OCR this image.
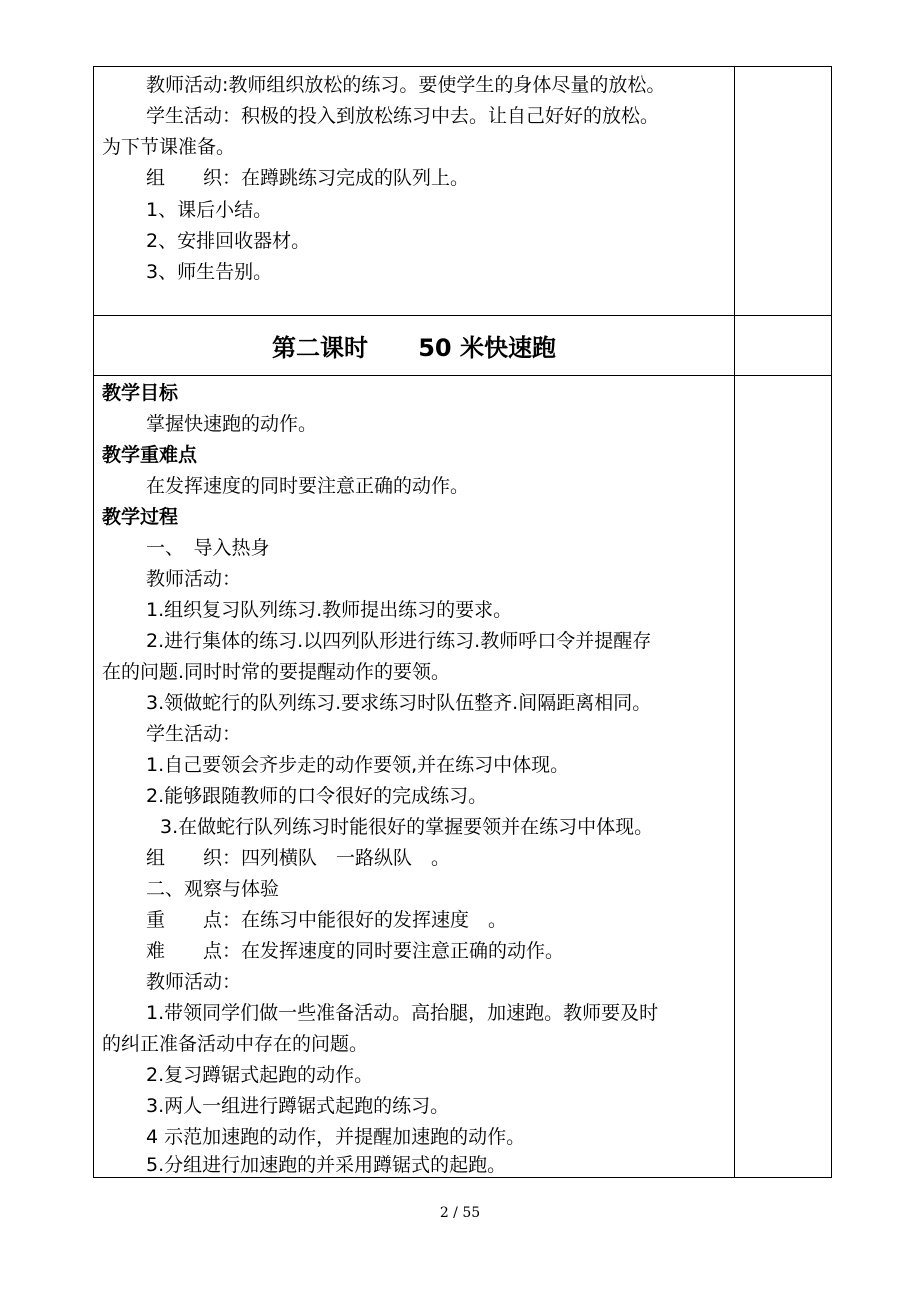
教师活动:教师组织放松的练习。要使学生的身体尽量的放松。
学生活动：积极的投入到放松练习中去。让自己好好的放松。
为下节课准备。
组　　织：在蹲跳练习完成的队列上。
1、课后小结。
2、安排回收器材。
3、师生告别。
第二课时
50 米快速跑
教学目标
掌握快速跑的动作。
教学重难点
在发挥速度的同时要注意正确的动作。
教学过程
一、　导入热身
教师活动：
1.组织复习队列练习.教师提出练习的要求。
2.进行集体的练习.以四列队形进行练习.教师呼口令并提醒存
在的问题.同时时常的要提醒动作的要领。
3.领做蛇行的队列练习.要求练习时队伍整齐.间隔距离相同。
学生活动：
1.自己要领会齐步走的动作要领,并在练习中体现。
2.能够跟随教师的口令很好的完成练习。
3.在做蛇行队列练习时能很好的掌握要领并在练习中体现。
组　　织：四列横队　一路纵队　。
二、观察与体验
重　　点：在练习中能很好的发挥速度　。
难　　点：在发挥速度的同时要注意正确的动作。
教师活动：
1.带领同学们做一些准备活动。高抬腿，加速跑。教师要及时
的纠正准备活动中存在的问题。
2.复习蹲锯式起跑的动作。
3.两人一组进行蹲锯式起跑的练习。
4 示范加速跑的动作，并提醒加速跑的动作。
5.分组进行加速跑的并采用蹲锯式的起跑。
2 / 55
